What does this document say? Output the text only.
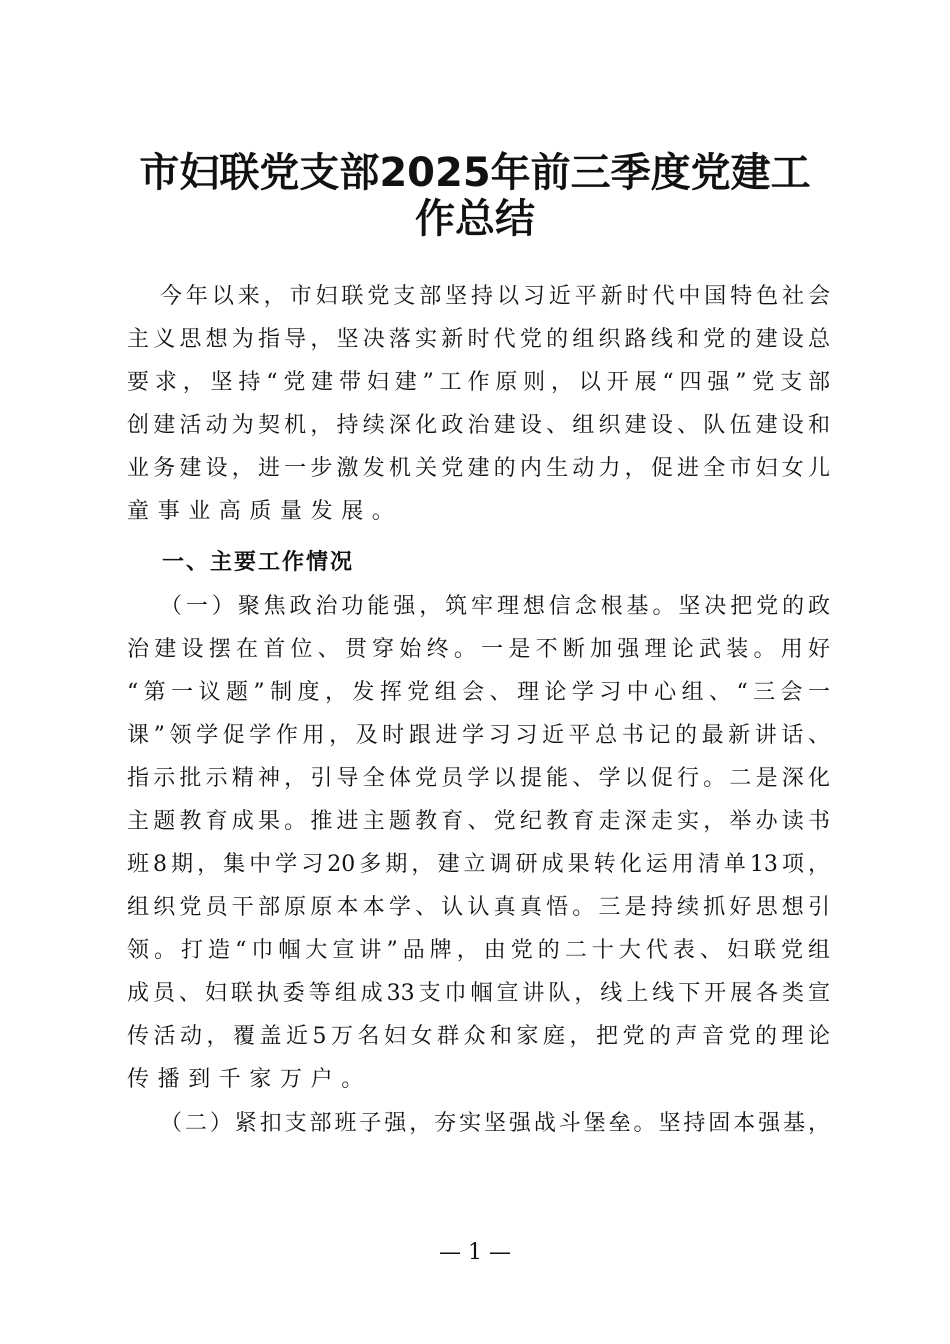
市妇联党支部2025年前三季度党建工
作总结
今年以来，市妇联党支部坚持以习近平新时代中国特色社会
主义思想为指导，坚决落实新时代党的组织路线和党的建设总
要求，坚持“党建带妇建”工作原则，以开展“四强”党支部
创建活动为契机，持续深化政治建设、组织建设、队伍建设和
业务建设，进一步激发机关党建的内生动力，促进全市妇女儿
童事业高质量发展。
一、主要工作情况
（一）聚焦政治功能强，筑牢理想信念根基。坚决把党的政
治建设摆在首位、贯穿始终。一是不断加强理论武装。用好
“第一议题”制度，发挥党组会、理论学习中心组、“三会一
课”领学促学作用，及时跟进学习习近平总书记的最新讲话、
指示批示精神，引导全体党员学以提能、学以促行。二是深化
主题教育成果。推进主题教育、党纪教育走深走实，举办读书
班8期，集中学习20多期，建立调研成果转化运用清单13项，
组织党员干部原原本本学、认认真真悟。三是持续抓好思想引
领。打造“巾帼大宣讲”品牌，由党的二十大代表、妇联党组
成员、妇联执委等组成33支巾帼宣讲队，线上线下开展各类宣
传活动，覆盖近5万名妇女群众和家庭，把党的声音党的理论
传播到千家万户。
（二）紧扣支部班子强，夯实坚强战斗堡垒。坚持固本强基，
— 1 —
